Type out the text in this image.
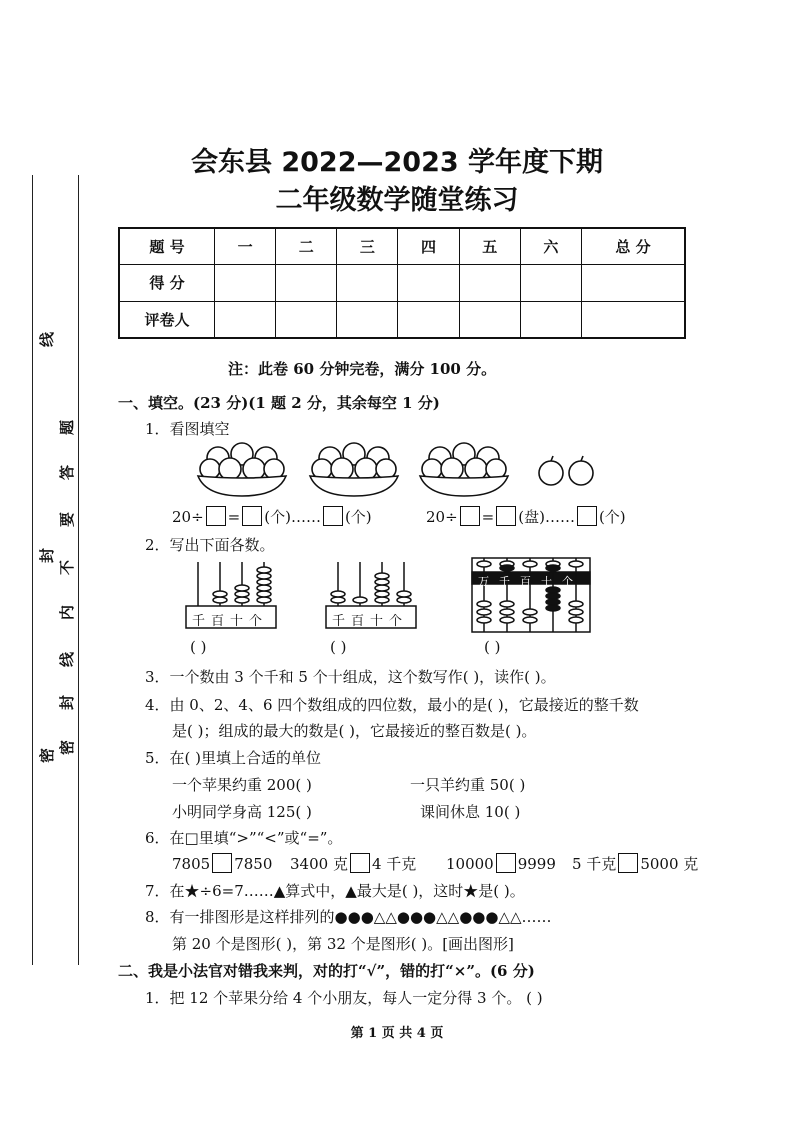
线
封
密
题
答
要
不
内
线
封
密
会东县 2022—2023 学年度下期
二年级数学随堂练习
题 号	一	二	三	四	五	六	总 分
得 分							
评卷人							
注：此卷 60 分钟完卷，满分 100 分。
一、填空。(23 分)(1 题 2 分，其余每空 1 分)
1．看图填空
20÷ = (个)…… (个)	20÷ = (盘)…… (个)
2．写出下面各数。
千百十个	千百十个
万千百十个
( )	( )	( )
3．一个数由 3 个千和 5 个十组成，这个数写作( )，读作( )。
4．由 0、2、4、6 四个数组成的四位数，最小的是( )，它最接近的整千数
是( )；组成的最大的数是( )，它最接近的整百数是( )。
5．在( )里填上合适的单位
一个苹果约重 200( )	一只羊约重 50( )
小明同学身高 125( )	课间休息 10( )
6．在□里填“>”“<”或“=”。
7805 7850 3400 克 4 千克 10000 9999 5 千克 5000 克
7．在★÷6=7……▲算式中，▲最大是( )，这时★是( )。
8．有一排图形是这样排列的●●●△△●●●△△●●●△△……
第 20 个是图形( )，第 32 个是图形( )。[画出图形]
二、我是小法官对错我来判，对的打“√”，错的打“×”。(6 分)
1．把 12 个苹果分给 4 个小朋友，每人一定分得 3 个。 ( )
第 1 页 共 4 页
